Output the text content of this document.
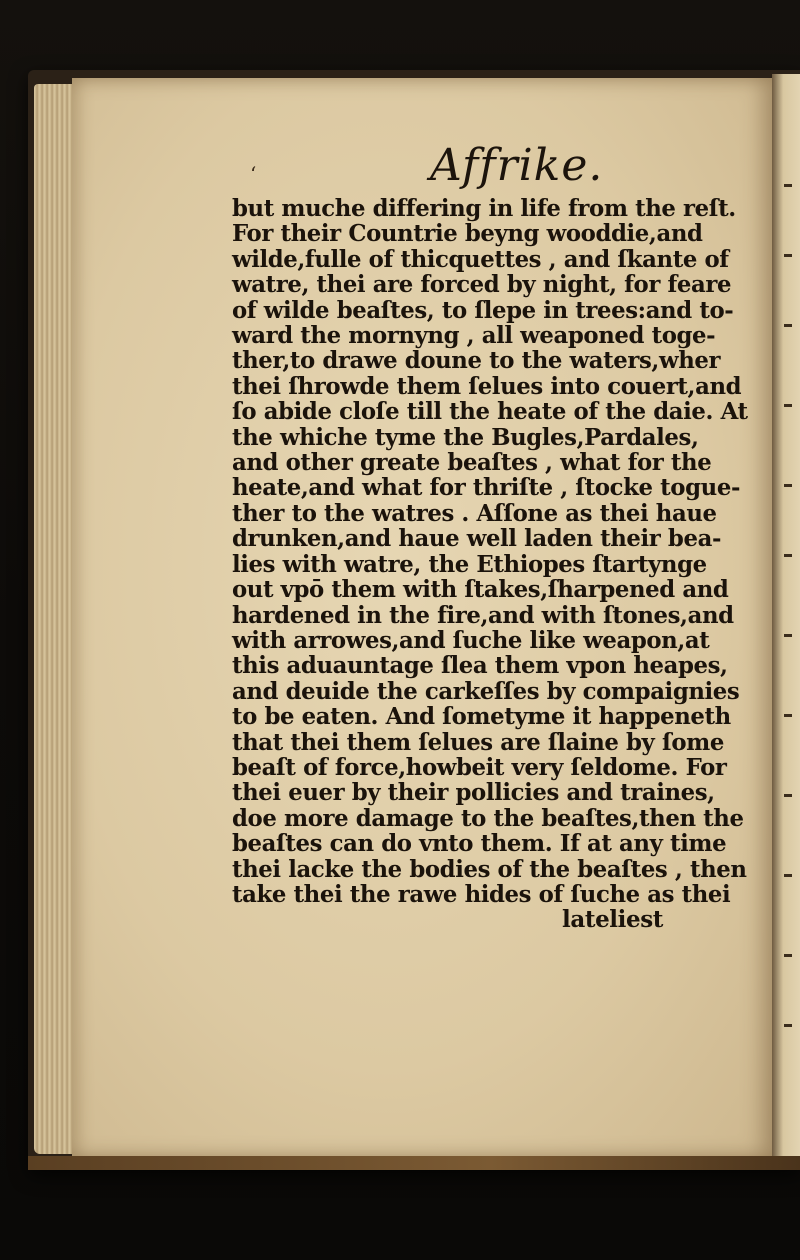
ʻ	Affrike.
but muche differing in life from the reſt.
For their Countrie beyng wooddie,and
wilde,fulle of thicquettes , and ſkante of
watre, thei are forced by night, for feare
of wilde beaſtes, to ſlepe in trees:and to-
ward the mornyng , all weaponed toge-
ther,to drawe doune to the waters,wher
thei ſhrowde them ſelues into couert,and
ſo abide cloſe till the heate of the daie. At
the whiche tyme the Bugles,Pardales,
and other greate beaſtes , what for the
heate,and what for thriſte , ſtocke togue-
ther to the watres . Aſſone as thei haue
drunken,and haue well laden their bea-
lies with watre, the Ethiopes ſtartynge
out vpō them with ſtakes,ſharpened and
hardened in the fire,and with ſtones,and
with arrowes,and ſuche like weapon,at
this aduauntage ſlea them vpon heapes,
and deuide the carkeſſes by compaignies
to be eaten. And ſometyme it happeneth
that thei them ſelues are ſlaine by ſome
beaſt of force,howbeit very ſeldome. For
thei euer by their pollicies and traines,
doe more damage to the beaſtes,then the
beaſtes can do vnto them. If at any time
thei lacke the bodies of the beaſtes , then
take thei the rawe hides of ſuche as thei
lateliest
